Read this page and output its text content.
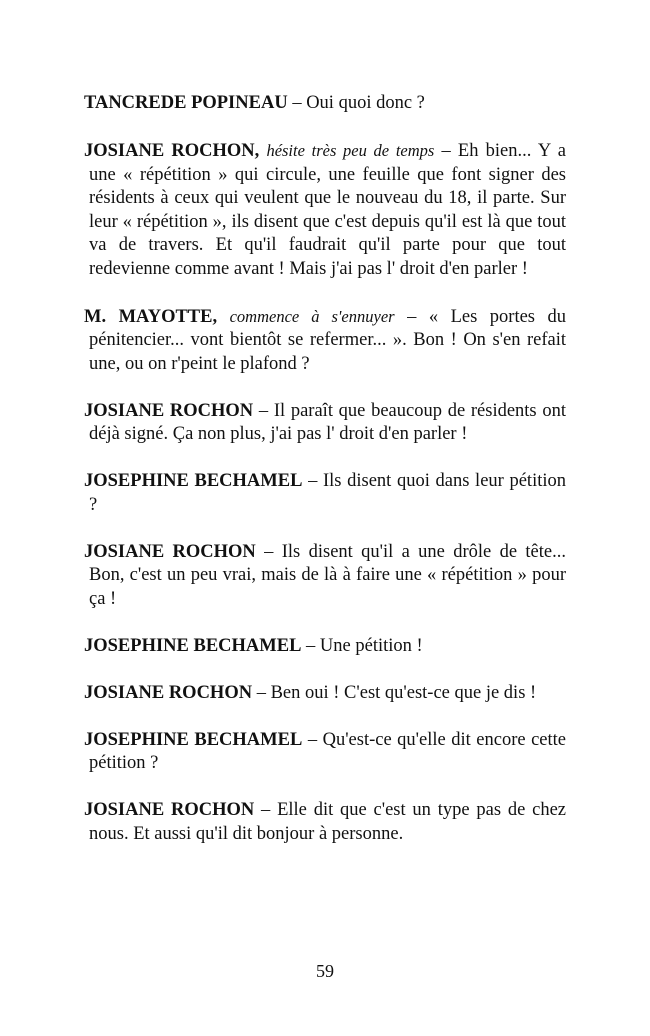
TANCREDE POPINEAU – Oui quoi donc ?

JOSIANE ROCHON, hésite très peu de temps – Eh bien... Y a une « répétition » qui circule, une feuille que font signer des résidents à ceux qui veulent que le nouveau du 18, il parte. Sur leur « répétition », ils disent que c'est depuis qu'il est là que tout va de travers. Et qu'il faudrait qu'il parte pour que tout redevienne comme avant ! Mais j'ai pas l' droit d'en parler !

M. MAYOTTE, commence à s'ennuyer – « Les portes du pénitencier... vont bientôt se refermer... ». Bon ! On s'en refait une, ou on r'peint le plafond ?

JOSIANE ROCHON – Il paraît que beaucoup de résidents ont déjà signé. Ça non plus, j'ai pas l' droit d'en parler !

JOSEPHINE BECHAMEL – Ils disent quoi dans leur pétition ?

JOSIANE ROCHON – Ils disent qu'il a une drôle de tête... Bon, c'est un peu vrai, mais de là à faire une « répétition » pour ça !

JOSEPHINE BECHAMEL – Une pétition !

JOSIANE ROCHON – Ben oui ! C'est qu'est-ce que je dis !

JOSEPHINE BECHAMEL – Qu'est-ce qu'elle dit encore cette pétition ?

JOSIANE ROCHON – Elle dit que c'est un type pas de chez nous. Et aussi qu'il dit bonjour à personne.

59
